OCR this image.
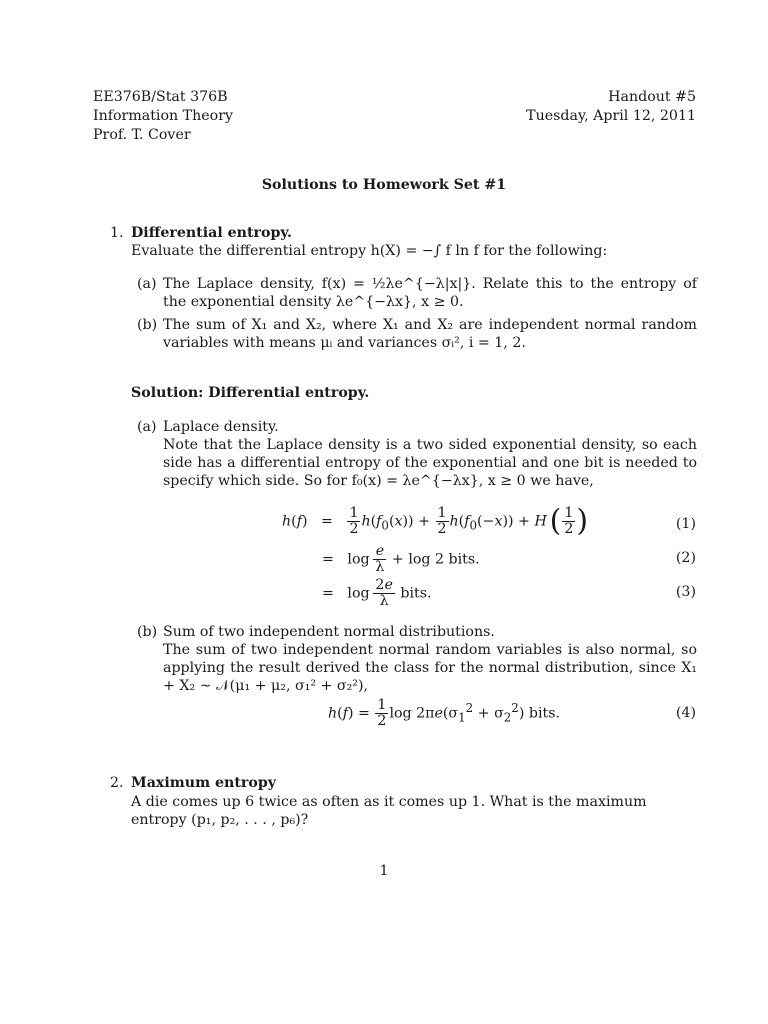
EE376B/Stat 376B
Information Theory
Prof. T. Cover
Handout #5
Tuesday, April 12, 2011
Solutions to Homework Set #1
1. Differential entropy.
Evaluate the differential entropy h(X) = −∫ f ln f for the following:
(a) The Laplace density, f(x) = ½λe^{−λ|x|}. Relate this to the entropy of the exponential density λe^{−λx}, x ≥ 0.
(b) The sum of X₁ and X₂, where X₁ and X₂ are independent normal random variables with means μᵢ and variances σᵢ², i = 1, 2.
Solution: Differential entropy.
(a) Laplace density.
Note that the Laplace density is a two sided exponential density, so each side has a differential entropy of the exponential and one bit is needed to specify which side. So for f₀(x) = λe^{−λx}, x ≥ 0 we have,
$h(f) = \frac{1}{2} h(f_0(x)) + \frac{1}{2} h(f_0(-x)) + H$ ( $\frac{1}{2}$ )	(1)
=   $\log \frac{e}{\lambda} + \log 2$ bits.	(2)
=   $\log \frac{2e}{\lambda}$ bits.	(3)
(b) Sum of two independent normal distributions.
The sum of two independent normal random variables is also normal, so applying the result derived the class for the normal distribution, since X₁ + X₂ ∼ 𝒩(μ₁ + μ₂, σ₁² + σ₂²),
$h(f) = \frac{1}{2}$ $\log 2\pi e(\sigma_1^2 + \sigma_2^2)$ bits.	(4)
2. Maximum entropy
A die comes up 6 twice as often as it comes up 1. What is the maximum entropy (p₁, p₂, . . . , p₆)?
1
